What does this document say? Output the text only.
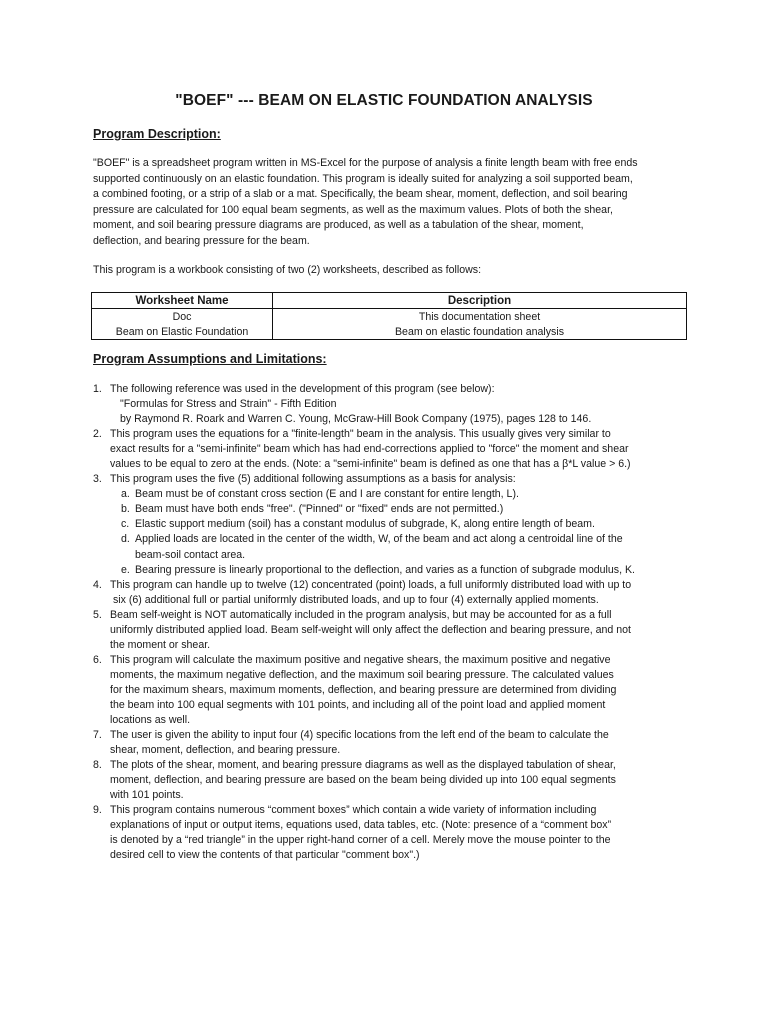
"BOEF" --- BEAM ON ELASTIC FOUNDATION ANALYSIS
Program Description:
"BOEF" is a spreadsheet program written in MS-Excel for the purpose of analysis a finite length beam with free ends
supported continuously on an elastic foundation. This program is ideally suited for analyzing a soil supported beam,
a combined footing, or a strip of a slab or a mat. Specifically, the beam shear, moment, deflection, and soil bearing
pressure are calculated for 100 equal beam segments, as well as the maximum values. Plots of both the shear,
moment, and soil bearing pressure diagrams are produced, as well as a tabulation of the shear, moment,
deflection, and bearing pressure for the beam.
This program is a workbook consisting of two (2) worksheets, described as follows:
Worksheet Name	Description
Doc	This documentation sheet
Beam on Elastic Foundation	Beam on elastic foundation analysis
Program Assumptions and Limitations:
1. The following reference was used in the development of this program (see below):
"Formulas for Stress and Strain" - Fifth Edition
by Raymond R. Roark and Warren C. Young, McGraw-Hill Book Company (1975), pages 128 to 146.
2. This program uses the equations for a "finite-length" beam in the analysis. This usually gives very similar to
exact results for a "semi-infinite" beam which has had end-corrections applied to "force" the moment and shear
values to be equal to zero at the ends. (Note: a "semi-infinite" beam is defined as one that has a β*L value > 6.)
3. This program uses the five (5) additional following assumptions as a basis for analysis:
a. Beam must be of constant cross section (E and I are constant for entire length, L).
b. Beam must have both ends "free". ("Pinned" or "fixed" ends are not permitted.)
c. Elastic support medium (soil) has a constant modulus of subgrade, K, along entire length of beam.
d. Applied loads are located in the center of the width, W, of the beam and act along a centroidal line of the
beam-soil contact area.
e. Bearing pressure is linearly proportional to the deflection, and varies as a function of subgrade modulus, K.
4. This program can handle up to twelve (12) concentrated (point) loads, a full uniformly distributed load with up to
six (6) additional full or partial uniformly distributed loads, and up to four (4) externally applied moments.
5. Beam self-weight is NOT automatically included in the program analysis, but may be accounted for as a full
uniformly distributed applied load. Beam self-weight will only affect the deflection and bearing pressure, and not
the moment or shear.
6. This program will calculate the maximum positive and negative shears, the maximum positive and negative
moments, the maximum negative deflection, and the maximum soil bearing pressure. The calculated values
for the maximum shears, maximum moments, deflection, and bearing pressure are determined from dividing
the beam into 100 equal segments with 101 points, and including all of the point load and applied moment
locations as well.
7. The user is given the ability to input four (4) specific locations from the left end of the beam to calculate the
shear, moment, deflection, and bearing pressure.
8. The plots of the shear, moment, and bearing pressure diagrams as well as the displayed tabulation of shear,
moment, deflection, and bearing pressure are based on the beam being divided up into 100 equal segments
with 101 points.
9. This program contains numerous “comment boxes” which contain a wide variety of information including
explanations of input or output items, equations used, data tables, etc. (Note: presence of a “comment box”
is denoted by a “red triangle” in the upper right-hand corner of a cell. Merely move the mouse pointer to the
desired cell to view the contents of that particular "comment box".)
